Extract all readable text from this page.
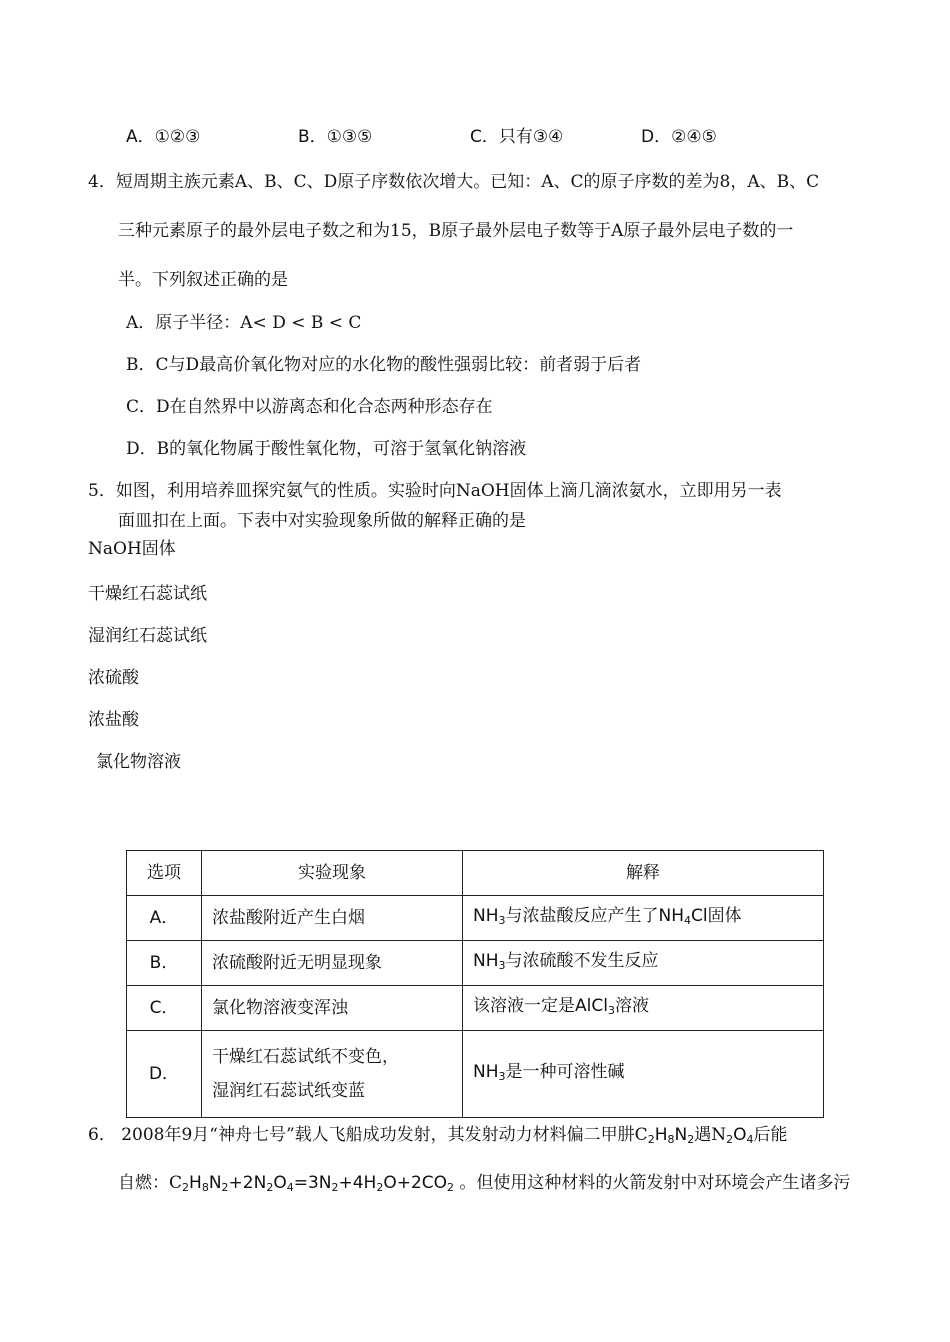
A．①②③	B．①③⑤	C．只有③④	D．②④⑤
4．短周期主族元素A、B、C、D原子序数依次增大。已知：A、C的原子序数的差为8，A、B、C
三种元素原子的最外层电子数之和为15，B原子最外层电子数等于A原子最外层电子数的一
半。下列叙述正确的是
A．原子半径：A< D < B < C
B．C与D最高价氧化物对应的水化物的酸性强弱比较：前者弱于后者
C．D在自然界中以游离态和化合态两种形态存在
D．B的氧化物属于酸性氧化物，可溶于氢氧化钠溶液
5．如图，利用培养皿探究氨气的性质。实验时向NaOH固体上滴几滴浓氨水，立即用另一表
面皿扣在上面。下表中对实验现象所做的解释正确的是
NaOH固体
干燥红石蕊试纸
湿润红石蕊试纸
浓硫酸
浓盐酸
氯化物溶液
选项	实验现象	解释
A．	浓盐酸附近产生白烟	$NH_3$与浓盐酸反应产生了$NH_4Cl$固体
B．	浓硫酸附近无明显现象	$NH_3$与浓硫酸不发生反应
C．	氯化物溶液变浑浊	该溶液一定是AlCl$_3$溶液
D．	干燥红石蕊试纸不变色，
湿润红石蕊试纸变蓝	$NH_3$是一种可溶性碱
6． 2008年9月“神舟七号”载人飞船成功发射，其发射动力材料偏二甲肼$C_2H_8N_2$遇$N_2O_4$后能
自燃：$C_2H_8N_2+2N_2O_4=3N_2+4H_2O+2CO_2$ 。但使用这种材料的火箭发射中对环境会产生诸多污
